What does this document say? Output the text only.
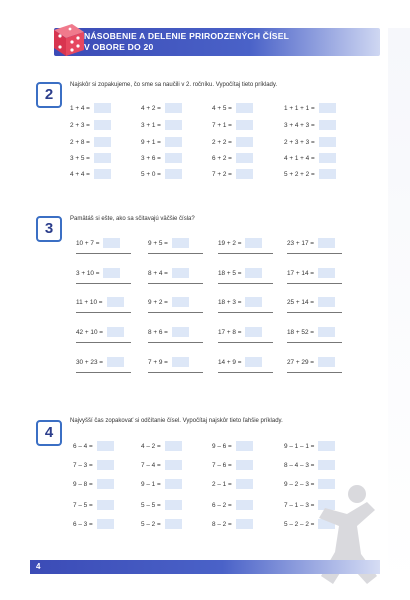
NÁSOBENIE A DELENIE PRIRODZENÝCH ČÍSEL
V OBORE DO 20
2
Najskôr si zopakujeme, čo sme sa naučili v 2. ročníku. Vypočítaj tieto príklady.
1 + 4 =
2 + 3 =
2 + 8 =
3 + 5 =
4 + 4 =
4 + 2 =
3 + 1 =
9 + 1 =
3 + 6 =
5 + 0 =
4 + 5 =
7 + 1 =
2 + 2 =
6 + 2 =
7 + 2 =
1 + 1 + 1 =
3 + 4 + 3 =
2 + 3 + 3 =
4 + 1 + 4 =
5 + 2 + 2 =
3
Pamätáš si ešte, ako sa sčitavajú väčšie čísla?
10 + 7 =
3 + 10 =
11 + 10 =
42 + 10 =
30 + 23 =
9 + 5 =
8 + 4 =
9 + 2 =
8 + 6 =
7 + 9 =
19 + 2 =
18 + 5 =
18 + 3 =
17 + 8 =
14 + 9 =
23 + 17 =
17 + 14 =
25 + 14 =
18 + 52 =
27 + 29 =
4
Najvyšší čas zopakovať si odčítanie čísel. Vypočítaj najskôr tieto ľahšie príklady.
6 – 4 =
7 – 3 =
9 – 8 =
7 – 5 =
6 – 3 =
4 – 2 =
7 – 4 =
9 – 1 =
5 – 5 =
5 – 2 =
9 – 6 =
7 – 6 =
2 – 1 =
6 – 2 =
8 – 2 =
9 – 1 – 1 =
8 – 4 – 3 =
9 – 2 – 3 =
7 – 1 – 3 =
5 – 2 – 2 =
4
